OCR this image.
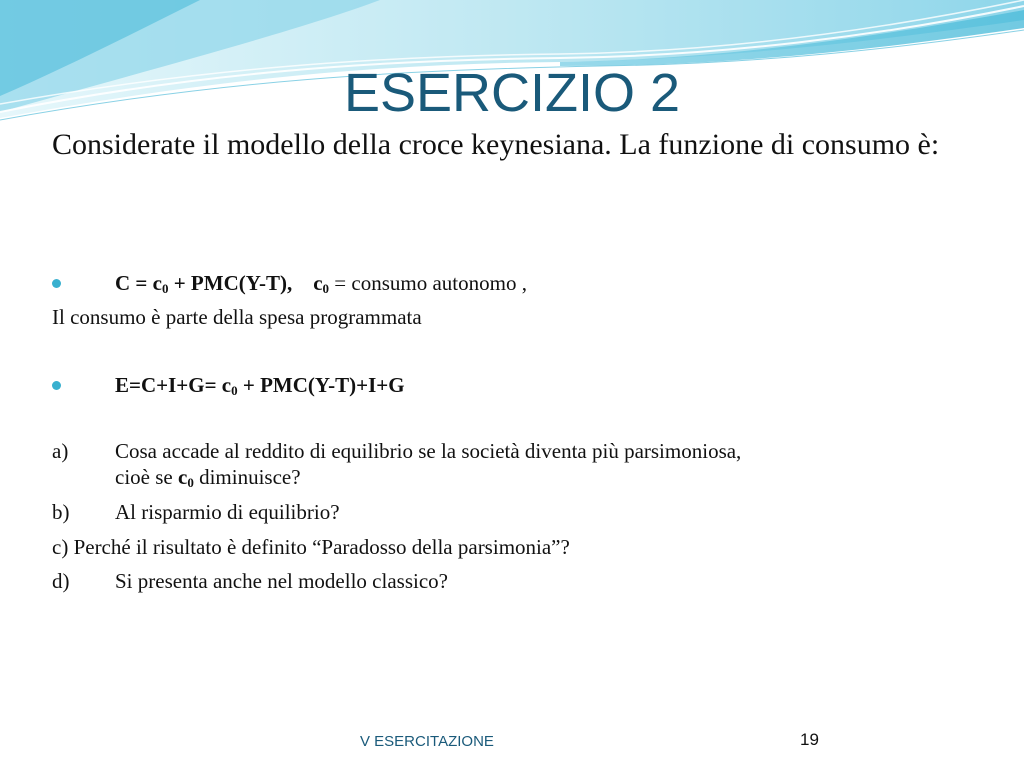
ESERCIZIO 2
Considerate il modello della croce keynesiana. La funzione di consumo è:
$C = c_0 + PMC(Y-T)$, $c_0$ = consumo autonomo ,
Il consumo è parte della spesa programmata
$E=C+I+G= c_0 + PMC(Y-T)+I+G$
a) Cosa accade al reddito di equilibrio se la società diventa più parsimoniosa,
cioè se $c_0$ diminuisce?
b) Al risparmio di equilibrio?
c) Perché il risultato è definito “Paradosso della parsimonia”?
d) Si presenta anche nel modello classico?
V ESERCITAZIONE	19
